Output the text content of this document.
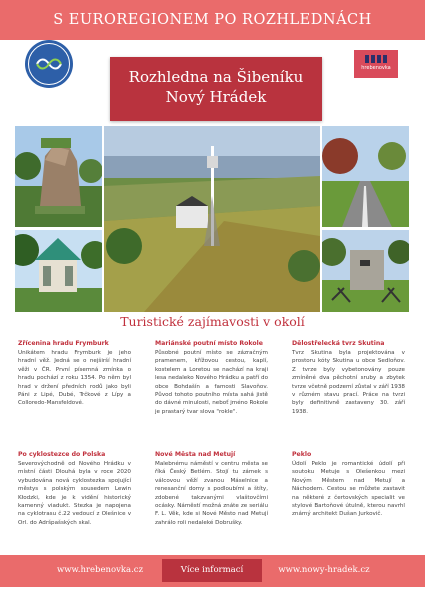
S EUROREGIONEM PO ROZHLEDNÁCH
hrebenovka
Rozhledna na Šibeníku
Nový Hrádek
Turistické zajímavosti v okolí
Zřícenina hradu Frymburk
Unikátem hradu Frymburk je jeho hradní věž. Jedná se o nejširší hradní věži v ČR. První písemná zmínka o hradu pochází z roku 1354. Po něm byl hrad v držení předních rodů jako byli Páni z Lipé, Dubé, Trčkové z Lípy a Colloredo-Mansfeldové.
Mariánské poutní místo Rokole
Působné poutní místo se zázračným pramenem, křížovou cestou, kaplí, kostelem a Loretou se nachází na kraji lesa nedaleko Nového Hrádku a patří do obce Bohdašín a famosti Slavoňov. Původ tohoto poutního místa sahá jistě do dávné minulosti, neboť jméno Rokole je prastarý tvar slova "rokle".
Dělostřelecká tvrz Skutina
Tvrz Skutina byla projektována v prostoru kóty Skutina u obce Sedloňov. Z tvrze byly vybetonovány pouze zmíněné dva pěchotní sruby a zbytek tvrze včetně podzemí zůstal v září 1938 v různém stavu prací. Práce na tvrzi byly definitivně zastaveny 30. září 1938.
Po cyklostezce do Polska
Severovýchodně od Nového Hrádku v místní části Dlouhá byla v roce 2020 vybudována nová cyklostezka spojující městys s polským sousedem Lewin Kłodzki, kde je k vidění historický kamenný viadukt. Stezka je napojena na cyklotrasu č.22 vedoucí z Olešnice v Orl. do Adršpašských skal.
Nové Města nad Metují
Malebnému náměstí v centru města se říká Český Betlém. Stojí tu zámek s válcovou věží zvanou Máselnice a renesanční domy s podloubími a štíty, zdobené takzvanými vlaštovčími ocásky. Náměstí možná znáte ze seriálu F. L. Věk, kde si Nové Město nad Metují zahrálo roli nedaleké Dobrušky.
Peklo
Údolí Peklo je romantické údolí při soutoku Metuje s Olešenkou mezi Novým Městem nad Metují a Náchodem. Cestou se můžete zastavit na některé z čertovských specialit ve stylové Bartoňové útulně, kterou navrhl známý architekt Dušan Jurkovič.
www.hrebenovka.cz	Více informací	www.nowy-hradek.cz
